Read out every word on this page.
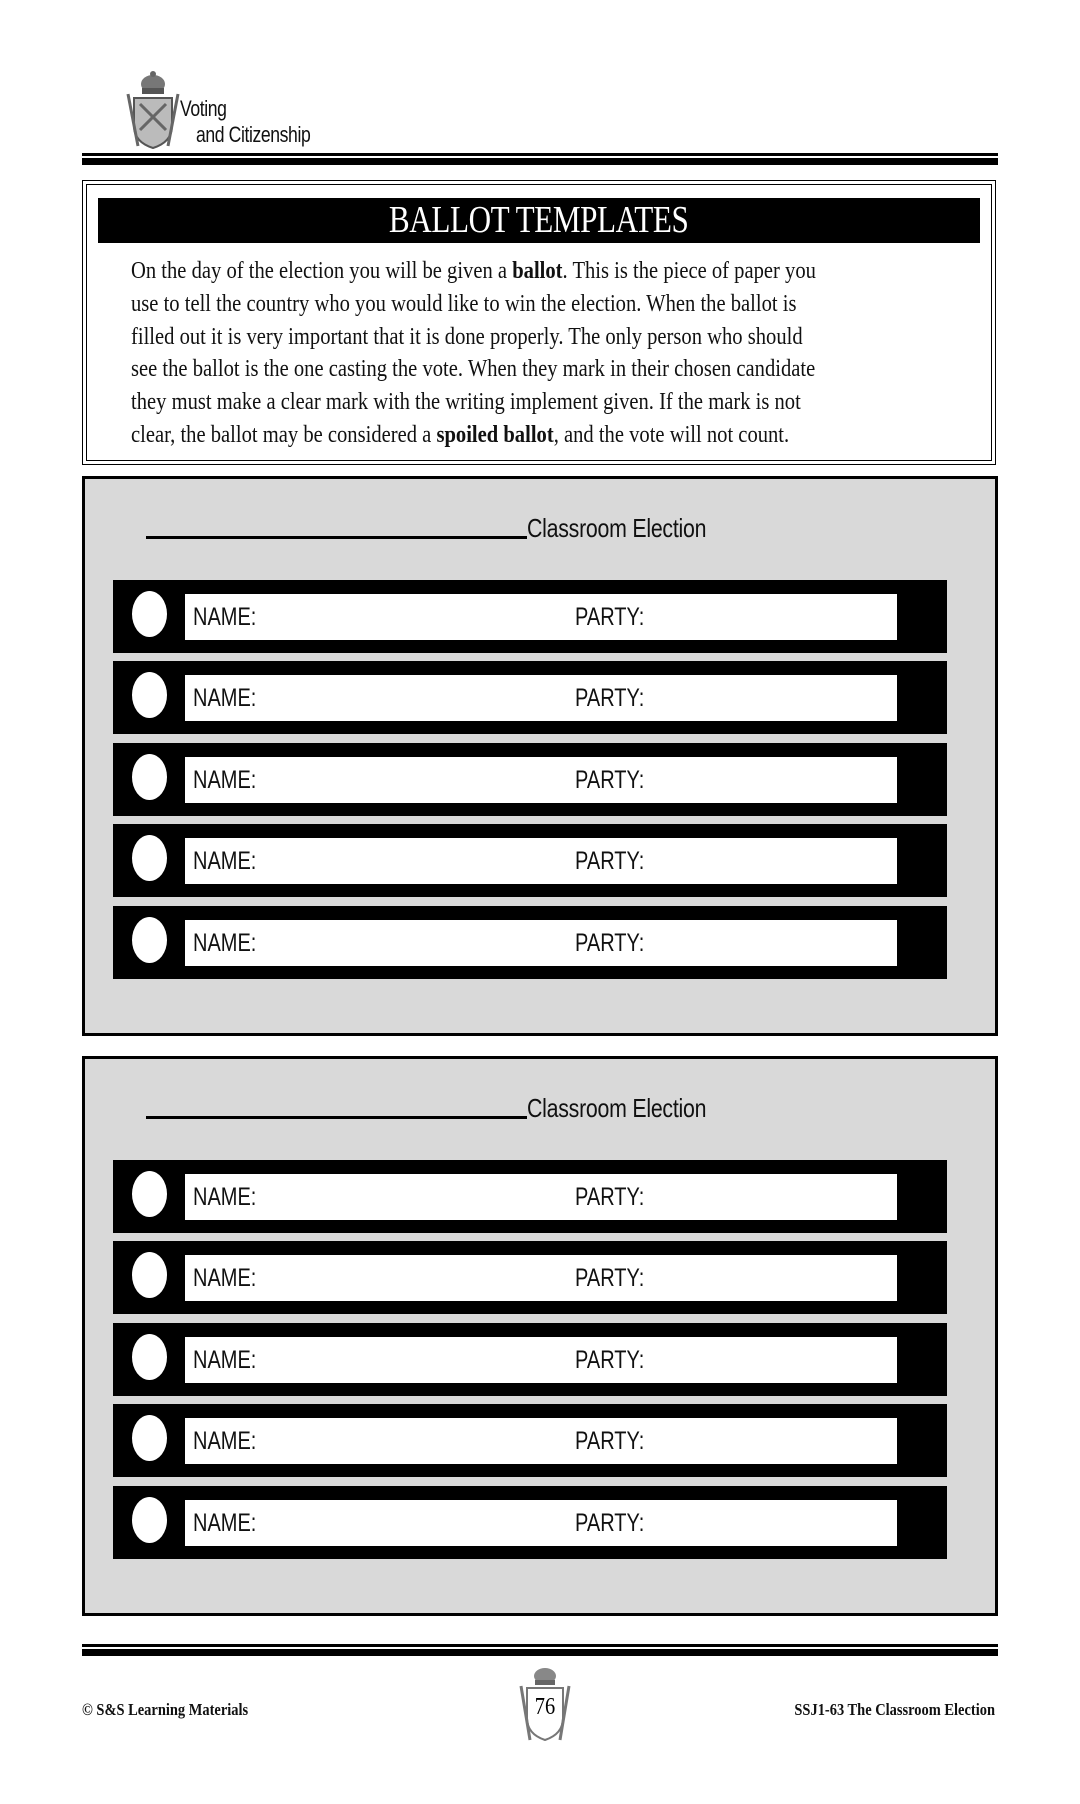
Voting
and Citizenship
BALLOT TEMPLATES
On the day of the election you will be given a ballot. This is the piece of paper you
use to tell the country who you would like to win the election. When the ballot is
filled out it is very important that it is done properly. The only person who should
see the ballot is the one casting the vote. When they mark in their chosen candidate
they must make a clear mark with the writing implement given. If the mark is not
clear, the ballot may be considered a spoiled ballot, and the vote will not count.
Classroom Election
NAME:	PARTY:
NAME:	PARTY:
NAME:	PARTY:
NAME:	PARTY:
NAME:	PARTY:
Classroom Election
NAME:	PARTY:
NAME:	PARTY:
NAME:	PARTY:
NAME:	PARTY:
NAME:	PARTY:
© S&S Learning Materials	76	SSJ1-63 The Classroom Election
